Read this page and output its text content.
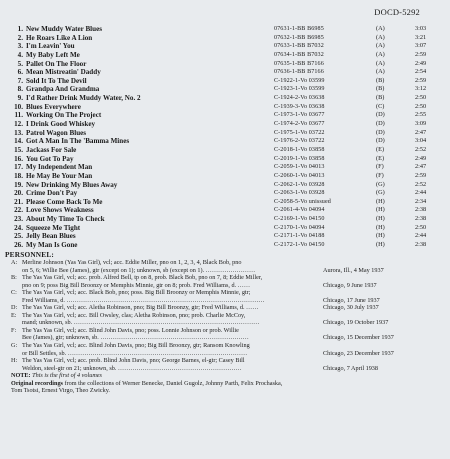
DOCD-5292
1. New Muddy Water Blues	07631-1-BB B6985	(A)	3:03
2. He Roars Like A Lion	07632-1-BB B6985	(A)	3:21
3. I'm Leavin' You	07633-1-BB B7032	(A)	3:07
4. My Baby Left Me	07634-1-BB B7032	(A)	2:59
5. Pallet On The Floor	07635-1-BB B7166	(A)	2:49
6. Mean Mistreatin' Daddy	07636-1-BB B7166	(A)	2:54
7. Sold It To The Devil	C-1922-1-Vo 03599	(B)	2:59
8. Grandpa And Grandma	C-1923-1-Vo 03599	(B)	3:12
9. I'd Rather Drink Muddy Water, No. 2	C-1924-2-Vo 03638	(B)	2:50
10. Blues Everywhere	C-1939-3-Vo 03638	(C)	2:50
11. Working On The Project	C-1973-1-Vo 03677	(D)	2:55
12. I Drink Good Whiskey	C-1974-2-Vo 03677	(D)	3:09
13. Patrol Wagon Blues	C-1975-1-Vo 03722	(D)	2:47
14. Got A Man In The 'Bamma Mines	C-1976-2-Vo 03722	(D)	3:04
15. Jackass For Sale	C-2018-1-Vo 03858	(E)	2:52
16. You Got To Pay	C-2019-1-Vo 03858	(E)	2:49
17. My Independent Man	C-2059-1-Vo 04013	(F)	2:47
18. He May Be Your Man	C-2060-1-Vo 04013	(F)	2:59
19. New Drinking My Blues Away	C-2062-1-Vo 03928	(G)	2:52
20. Crime Don't Pay	C-2063-1-Vo 03928	(G)	2:44
21. Please Come Back To Me	C-2058-5-Vo unissued	(H)	2:34
22. Love Shows Weakness	C-2061-4-Vo 04094	(H)	2:38
23. About My Time To Check	C-2169-1-Vo 04150	(H)	2:38
24. Squeeze Me Tight	C-2170-1-Vo 04094	(H)	2:50
25. Jelly Bean Blues	C-2171-1-Vo 04188	(H)	2:44
26. My Man Is Gone	C-2172-1-Vo 04150	(H)	2:38
PERSONNEL:
A: Merline Johnson (Yas Yas Girl), vcl; acc. Eddie Miller, pno on 1, 2, 3, 4, Black Bob, pno
on 5, 6; Willie Bee (James), gtr (except on 1); unknown, sb (except on 1). ……………………	Aurora, Ill., 4 May 1937
B: The Yas Yas Girl, vcl; acc. prob. Alfred Bell, tp on 8, prob. Black Bob, pno on 7, 8; Eddie Miller,
pno on 9; poss Big Bill Broonzy or Memphis Minnie, gtr on 8; prob. Fred Williams, d. ……	Chicago, 9 June 1937
C: The Yas Yas Girl, vcl; acc. Black Bob, pno; poss. Big Bill Broonzy or Memphis Minnie, gtr;
Fred Williams, d. ……………………………………………………………………………………	Chicago, 17 June 1937
D: The Yas Yas Girl, vcl; acc. Aletha Robinson, pno; Big Bill Broonzy, gtr; Fred Williams, d. ……	Chicago, 30 July 1937
E: The Yas Yas Girl, vcl; acc. Bill Owsley, clas; Aletha Robinson, pno; prob. Charlie McCoy,
mand; unknown, sb. ………………………………………………………………………………	Chicago, 19 October 1937
F: The Yas Yas Girl, vcl; acc. Blind John Davis, pno; poss. Lonnie Johnson or prob. Willie
Bee (James), gtr; unknown, sb. ………………………………………………………………	Chicago, 15 December 1937
G: The Yas Yas Girl, vcl; acc. Blind John Davis, pno; Big Bill Broonzy, gtr; Ransom Knowling
or Bill Settles, sb. ……………………………………………………………………………	Chicago, 23 December 1937
H: The Yas Yas Girl, vcl; acc. prob. Blind John Davis, pno; George Barnes, el-gtr; Casey Bill
Weldon, steel-gtr on 21; unknown, sb. ……………………………………………………	Chicago, 7 April 1938
NOTE: This is the first of 4 volumes
Original recordings from the collections of Werner Benecke, Daniel Gugolz, Johnny Parth, Felix Prochaska,
Tom Tsotsi, Ernest Virgo, Theo Zwicky.
